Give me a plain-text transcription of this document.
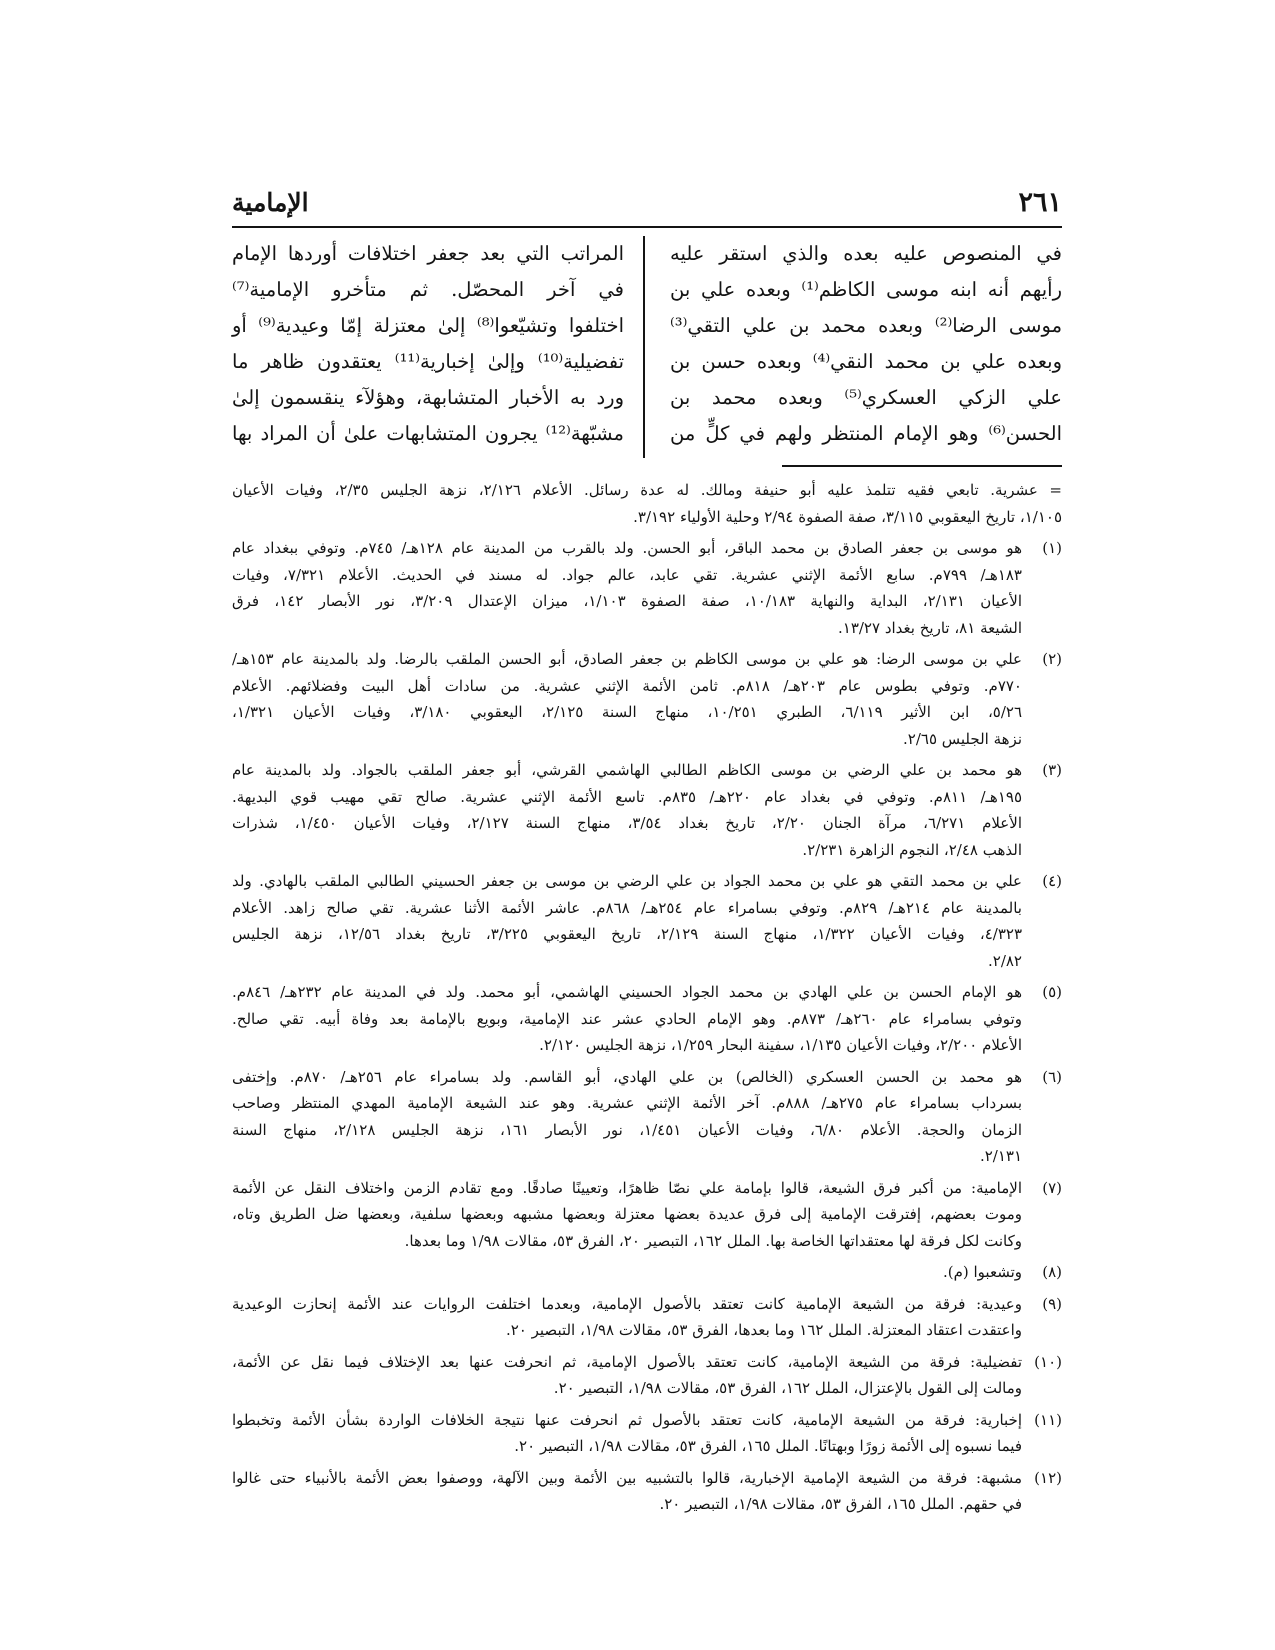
٢٦١
الإمامية
في المنصوص عليه بعده والذي استقر عليه
رأيهم أنه ابنه موسى الكاظم⁽¹⁾ وبعده علي بن
موسى الرضا⁽²⁾ وبعده محمد بن علي التقي⁽³⁾
وبعده علي بن محمد النقي⁽⁴⁾ وبعده حسن بن
علي الزكي العسكري⁽⁵⁾ وبعده محمد بن
الحسن⁽⁶⁾ وهو الإمام المنتظر ولهم في كلٍّ من
المراتب التي بعد جعفر اختلافات أوردها الإمام
في آخر المحصّل. ثم متأخرو الإمامية⁽⁷⁾
اختلفوا وتشيّعوا⁽⁸⁾ إلىٰ معتزلة إمّا وعيدية⁽⁹⁾ أو
تفضيلية⁽¹⁰⁾ وإلىٰ إخبارية⁽¹¹⁾ يعتقدون ظاهر ما
ورد به الأخبار المتشابهة، وهؤلآء ينقسمون إلىٰ
مشبّهة⁽¹²⁾ يجرون المتشابهات علىٰ أن المراد بها
= عشرية. تابعي فقيه تتلمذ عليه أبو حنيفة ومالك. له عدة رسائل. الأعلام ٢/١٢٦، نزهة الجليس ٢/٣٥، وفيات الأعيان
١/١٠٥، تاريخ اليعقوبي ٣/١١٥، صفة الصفوة ٢/٩٤ وحلية الأولياء ٣/١٩٢.
(١)
هو موسى بن جعفر الصادق بن محمد الباقر، أبو الحسن. ولد بالقرب من المدينة عام ١٢٨هـ/ ٧٤٥م. وتوفي ببغداد عام
١٨٣هـ/ ٧٩٩م. سابع الأئمة الإثني عشرية. تقي عابد، عالم جواد. له مسند في الحديث. الأعلام ٧/٣٢١، وفيات
الأعيان ٢/١٣١، البداية والنهاية ١٠/١٨٣، صفة الصفوة ١/١٠٣، ميزان الإعتدال ٣/٢٠٩، نور الأبصار ١٤٢، فرق
الشيعة ٨١، تاريخ بغداد ١٣/٢٧.
(٢)
علي بن موسى الرضا: هو علي بن موسى الكاظم بن جعفر الصادق، أبو الحسن الملقب بالرضا. ولد بالمدينة عام ١٥٣هـ/
٧٧٠م. وتوفي بطوس عام ٢٠٣هـ/ ٨١٨م. ثامن الأئمة الإثني عشرية. من سادات أهل البيت وفضلائهم. الأعلام
٥/٢٦، ابن الأثير ٦/١١٩، الطبري ١٠/٢٥١، منهاج السنة ٢/١٢٥، اليعقوبي ٣/١٨٠، وفيات الأعيان ١/٣٢١،
نزهة الجليس ٢/٦٥.
(٣)
هو محمد بن علي الرضي بن موسى الكاظم الطالبي الهاشمي القرشي، أبو جعفر الملقب بالجواد. ولد بالمدينة عام
١٩٥هـ/ ٨١١م. وتوفي في بغداد عام ٢٢٠هـ/ ٨٣٥م. تاسع الأئمة الإثني عشرية. صالح تقي مهيب قوي البديهة.
الأعلام ٦/٢٧١، مرآة الجنان ٢/٢٠، تاريخ بغداد ٣/٥٤، منهاج السنة ٢/١٢٧، وفيات الأعيان ١/٤٥٠، شذرات
الذهب ٢/٤٨، النجوم الزاهرة ٢/٢٣١.
(٤)
علي بن محمد التقي هو علي بن محمد الجواد بن علي الرضي بن موسى بن جعفر الحسيني الطالبي الملقب بالهادي. ولد
بالمدينة عام ٢١٤هـ/ ٨٢٩م. وتوفي بسامراء عام ٢٥٤هـ/ ٨٦٨م. عاشر الأئمة الأثنا عشرية. تقي صالح زاهد. الأعلام
٤/٣٢٣، وفيات الأعيان ١/٣٢٢، منهاج السنة ٢/١٢٩، تاريخ اليعقوبي ٣/٢٢٥، تاريخ بغداد ١٢/٥٦، نزهة الجليس
٢/٨٢.
(٥)
هو الإمام الحسن بن علي الهادي بن محمد الجواد الحسيني الهاشمي، أبو محمد. ولد في المدينة عام ٢٣٢هـ/ ٨٤٦م.
وتوفي بسامراء عام ٢٦٠هـ/ ٨٧٣م. وهو الإمام الحادي عشر عند الإمامية، وبويع بالإمامة بعد وفاة أبيه. تقي صالح.
الأعلام ٢/٢٠٠، وفيات الأعيان ١/١٣٥، سفينة البحار ١/٢٥٩، نزهة الجليس ٢/١٢٠.
(٦)
هو محمد بن الحسن العسكري (الخالص) بن علي الهادي، أبو القاسم. ولد بسامراء عام ٢٥٦هـ/ ٨٧٠م. وإختفى
بسرداب بسامراء عام ٢٧٥هـ/ ٨٨٨م. آخر الأئمة الإثني عشرية. وهو عند الشيعة الإمامية المهدي المنتظر وصاحب
الزمان والحجة. الأعلام ٦/٨٠، وفيات الأعيان ١/٤٥١، نور الأبصار ١٦١، نزهة الجليس ٢/١٢٨، منهاج السنة
٢/١٣١.
(٧)
الإمامية: من أكبر فرق الشيعة، قالوا بإمامة علي نصّا ظاهرًا، وتعيينًا صادقًا. ومع تقادم الزمن واختلاف النقل عن الأئمة
وموت بعضهم، إفترقت الإمامية إلى فرق عديدة بعضها معتزلة وبعضها مشبهه وبعضها سلفية، وبعضها ضل الطريق وتاه،
وكانت لكل فرقة لها معتقداتها الخاصة بها. الملل ١٦٢، التبصير ٢٠، الفرق ٥٣، مقالات ١/٩٨ وما بعدها.
(٨)
وتشعبوا (م).
(٩)
وعيدية: فرقة من الشيعة الإمامية كانت تعتقد بالأصول الإمامية، وبعدما اختلفت الروايات عند الأئمة إنحازت الوعيدية
واعتقدت اعتقاد المعتزلة. الملل ١٦٢ وما بعدها، الفرق ٥٣، مقالات ١/٩٨، التبصير ٢٠.
(١٠)
تفضيلية: فرقة من الشيعة الإمامية، كانت تعتقد بالأصول الإمامية، ثم انحرفت عنها بعد الإختلاف فيما نقل عن الأئمة،
ومالت إلى القول بالإعتزال، الملل ١٦٢، الفرق ٥٣، مقالات ١/٩٨، التبصير ٢٠.
(١١)
إخبارية: فرقة من الشيعة الإمامية، كانت تعتقد بالأصول ثم انحرفت عنها نتيجة الخلافات الواردة بشأن الأئمة وتخبطوا
فيما نسبوه إلى الأئمة زورًا وبهتانًا. الملل ١٦٥، الفرق ٥٣، مقالات ١/٩٨، التبصير ٢٠.
(١٢)
مشبهة: فرقة من الشيعة الإمامية الإخبارية، قالوا بالتشبيه بين الأئمة وبين الآلهة، ووصفوا بعض الأئمة بالأنبياء حتى غالوا
في حقهم. الملل ١٦٥، الفرق ٥٣، مقالات ١/٩٨، التبصير ٢٠.
